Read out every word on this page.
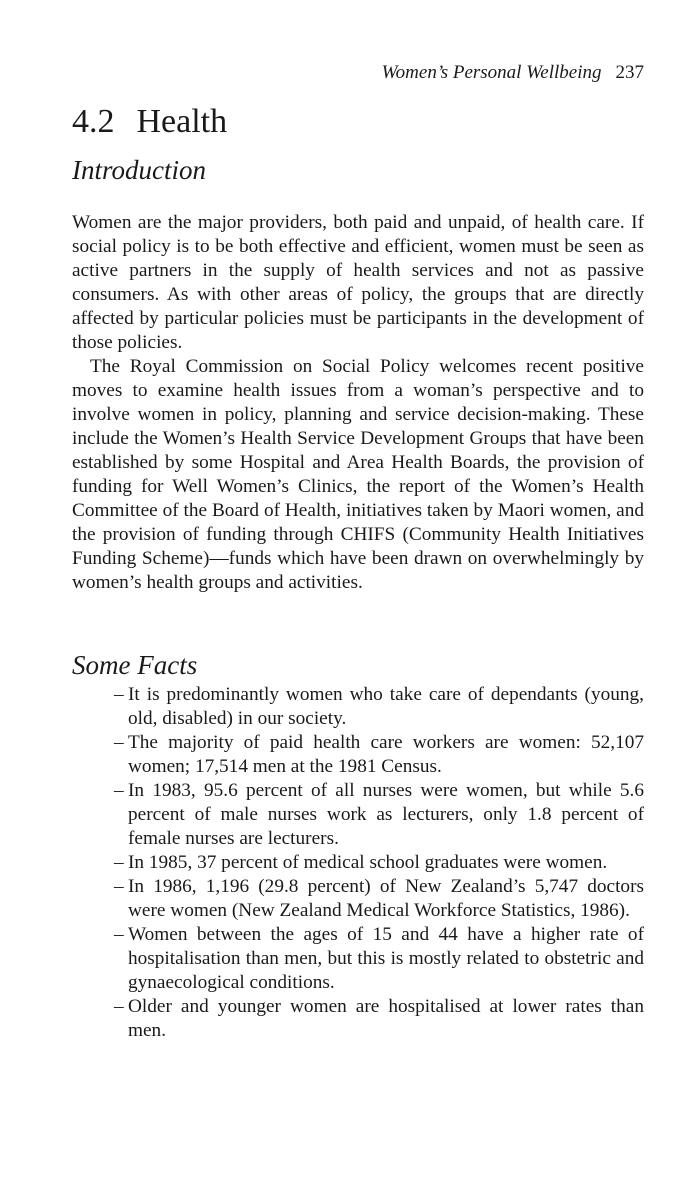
Women’s Personal Wellbeing 237
4.2 Health
Introduction

Women are the major providers, both paid and unpaid, of health care. If social policy is to be both effective and efficient, women must be seen as active partners in the supply of health services and not as passive consumers. As with other areas of policy, the groups that are directly affected by particular policies must be participants in the development of those policies.

The Royal Commission on Social Policy welcomes recent positive moves to examine health issues from a woman’s perspective and to involve women in policy, planning and service decision-making. These include the Women’s Health Service Development Groups that have been established by some Hospital and Area Health Boards, the provision of funding for Well Women’s Clinics, the report of the Women’s Health Committee of the Board of Health, initiatives taken by Maori women, and the provision of funding through CHIFS (Community Health Initiatives Funding Scheme)—funds which have been drawn on overwhelmingly by women’s health groups and activities.

Some Facts
– It is predominantly women who take care of dependants (young, old, disabled) in our society.
– The majority of paid health care workers are women: 52,107 women; 17,514 men at the 1981 Census.
– In 1983, 95.6 percent of all nurses were women, but while 5.6 percent of male nurses work as lecturers, only 1.8 percent of female nurses are lecturers.
– In 1985, 37 percent of medical school graduates were women.
– In 1986, 1,196 (29.8 percent) of New Zealand’s 5,747 doctors were women (New Zealand Medical Workforce Statistics, 1986).
– Women between the ages of 15 and 44 have a higher rate of hospitalisation than men, but this is mostly related to obstetric and gynaecological conditions.
– Older and younger women are hospitalised at lower rates than men.
